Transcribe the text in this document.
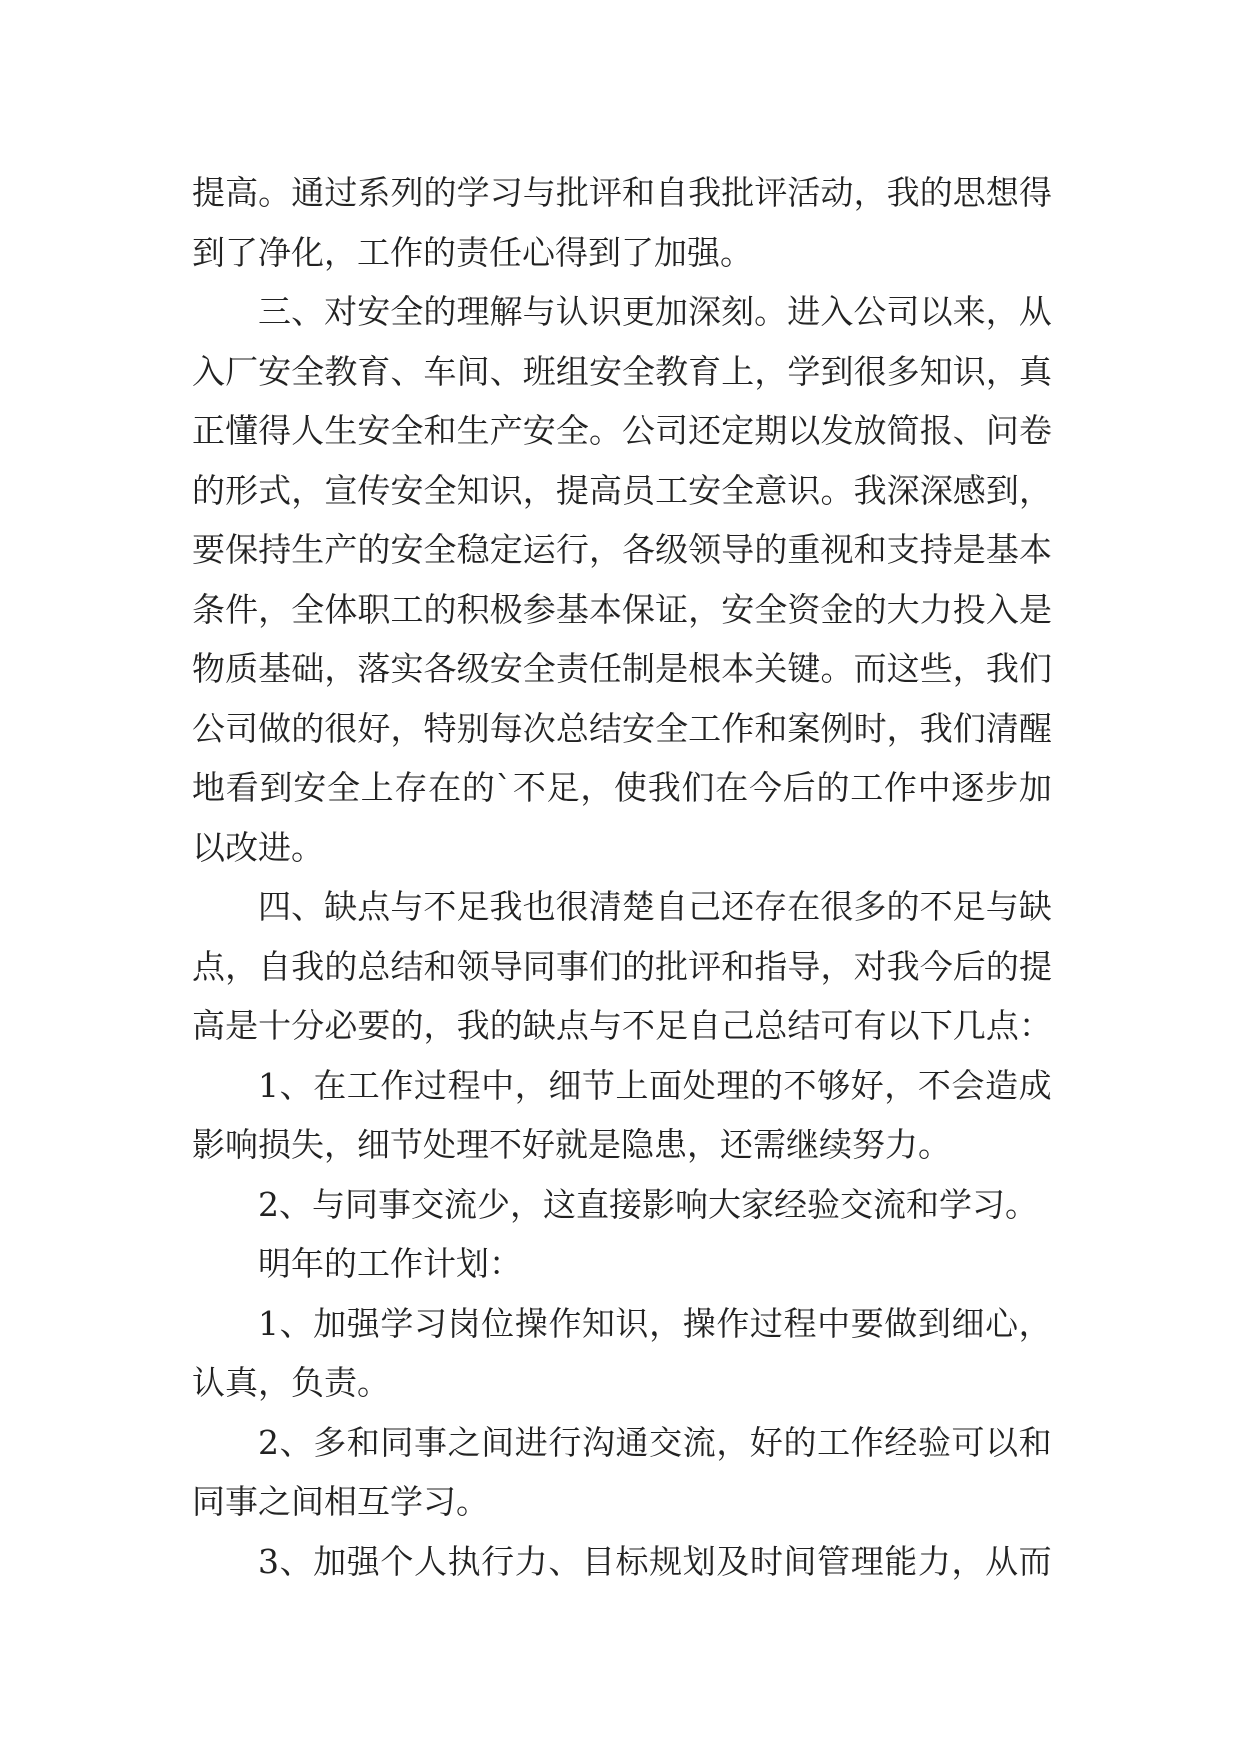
提 高 。 通 过 系 列 的 学 习 与 批 评 和 自 我 批 评 活 动 ， 我 的 思 想 得
到了净化，工作的责任心得到了加强。
三 、 对 安 全 的 理 解 与 认 识 更 加 深 刻 。 进 入 公 司 以 来 ， 从
入 厂 安 全 教 育 、 车 间 、 班 组 安 全 教 育 上 ， 学 到 很 多 知 识 ， 真
正 懂 得 人 生 安 全 和 生 产 安 全 。 公 司 还 定 期 以 发 放 简 报 、 问 卷
的 形 式 ， 宣 传 安 全 知 识 ， 提 高 员 工 安 全 意 识 。 我 深 深 感 到 ，
要 保 持 生 产 的 安 全 稳 定 运 行 ， 各 级 领 导 的 重 视 和 支 持 是 基 本
条 件 ， 全 体 职 工 的 积 极 参 基 本 保 证 ， 安 全 资 金 的 大 力 投 入 是
物 质 基 础 ， 落 实 各 级 安 全 责 任 制 是 根 本 关 键 。 而 这 些 ， 我 们
公 司 做 的 很 好 ， 特 别 每 次 总 结 安 全 工 作 和 案 例 时 ， 我 们 清 醒
地 看 到 安 全 上 存 在 的 ` 不 足 ， 使 我 们 在 今 后 的 工 作 中 逐 步 加
以改进。
四 、 缺 点 与 不 足 我 也 很 清 楚 自 己 还 存 在 很 多 的 不 足 与 缺
点 ， 自 我 的 总 结 和 领 导 同 事 们 的 批 评 和 指 导 ， 对 我 今 后 的 提
高 是 十 分 必 要 的 ， 我 的 缺 点 与 不 足 自 己 总 结 可 有 以 下 几 点 ：
1 、 在 工 作 过 程 中 ， 细 节 上 面 处 理 的 不 够 好 ， 不 会 造 成
影响损失，细节处理不好就是隐患，还需继续努力。
2、与同事交流少，这直接影响大家经验交流和学习。
明年的工作计划：
1 、 加 强 学 习 岗 位 操 作 知 识 ， 操 作 过 程 中 要 做 到 细 心 ，
认真，负责。
2 、 多 和 同 事 之 间 进 行 沟 通 交 流 ， 好 的 工 作 经 验 可 以 和
同事之间相互学习。
3 、 加 强 个 人 执 行 力 、 目 标 规 划 及 时 间 管 理 能 力 ， 从 而
